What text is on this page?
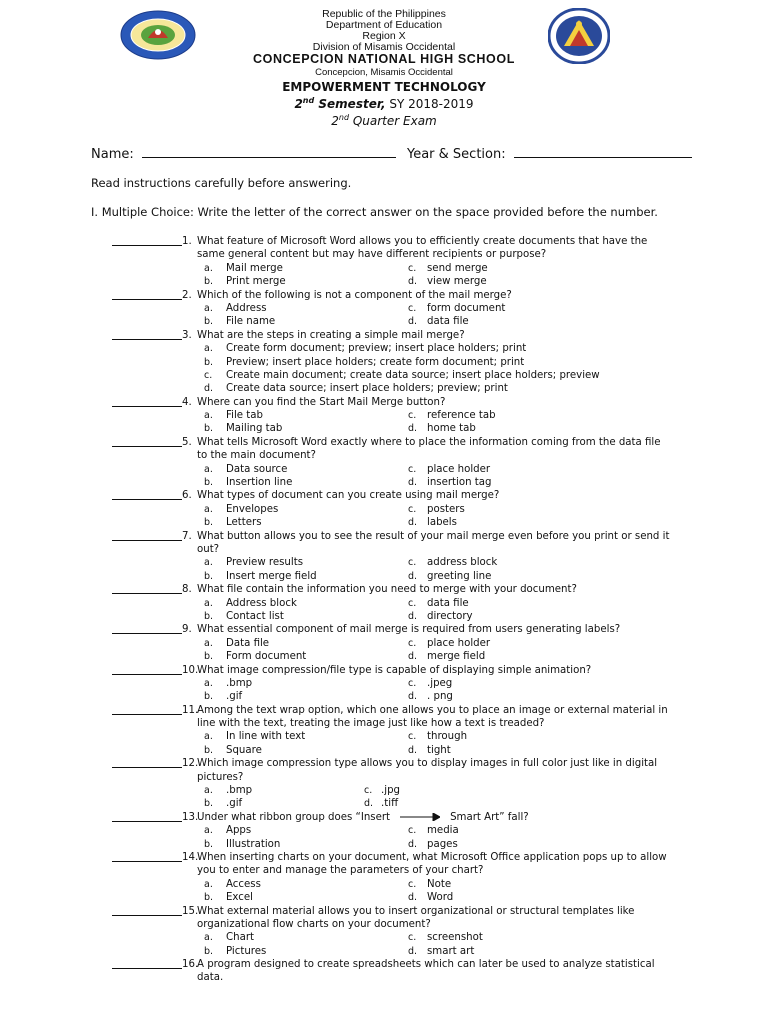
Republic of the Philippines
Department of Education
Region X
Division of Misamis Occidental
CONCEPCION NATIONAL HIGH SCHOOL
Concepcion, Misamis Occidental
EMPOWERMENT TECHNOLOGY
2nd Semester, SY 2018-2019
2nd Quarter Exam
Name:	Year & Section:
Read instructions carefully before answering.
I. Multiple Choice: Write the letter of the correct answer on the space provided before the number.
1. What feature of Microsoft Word allows you to efficiently create documents that have the
same general content but may have different recipients or purpose?
a. Mail merge	c. send merge
b. Print merge	d. view merge
2. Which of the following is not a component of the mail merge?
a. Address	c. form document
b. File name	d. data file
3. What are the steps in creating a simple mail merge?
a. Create form document; preview; insert place holders; print
b. Preview; insert place holders; create form document; print
c. Create main document; create data source; insert place holders; preview
d. Create data source; insert place holders; preview; print
4. Where can you find the Start Mail Merge button?
a. File tab	c. reference tab
b. Mailing tab	d. home tab
5. What tells Microsoft Word exactly where to place the information coming from the data file
to the main document?
a. Data source	c. place holder
b. Insertion line	d. insertion tag
6. What types of document can you create using mail merge?
a. Envelopes	c. posters
b. Letters	d. labels
7. What button allows you to see the result of your mail merge even before you print or send it
out?
a. Preview results	c. address block
b. Insert merge field	d. greeting line
8. What file contain the information you need to merge with your document?
a. Address block	c. data file
b. Contact list	d. directory
9. What essential component of mail merge is required from users generating labels?
a. Data file	c. place holder
b. Form document	d. merge field
10.
What image compression/file type is capable of displaying simple animation?
a. .bmp	c. .jpeg
b. .gif	d. . png
11.
Among the text wrap option, which one allows you to place an image or external material in
line with the text, treating the image just like how a text is treaded?
a. In line with text	c. through
b. Square	d. tight
12.
Which image compression type allows you to display images in full color just like in digital
pictures?
a. .bmp	c. .jpg
b. .gif	d. .tiff
13.
Under what ribbon group does “Insert	Smart Art” fall?
a. Apps	c. media
b. Illustration	d. pages
14.
When inserting charts on your document, what Microsoft Office application pops up to allow
you to enter and manage the parameters of your chart?
a. Access	c. Note
b. Excel	d. Word
15.
What external material allows you to insert organizational or structural templates like
organizational flow charts on your document?
a. Chart	c. screenshot
b. Pictures	d. smart art
16.
A program designed to create spreadsheets which can later be used to analyze statistical
data.
